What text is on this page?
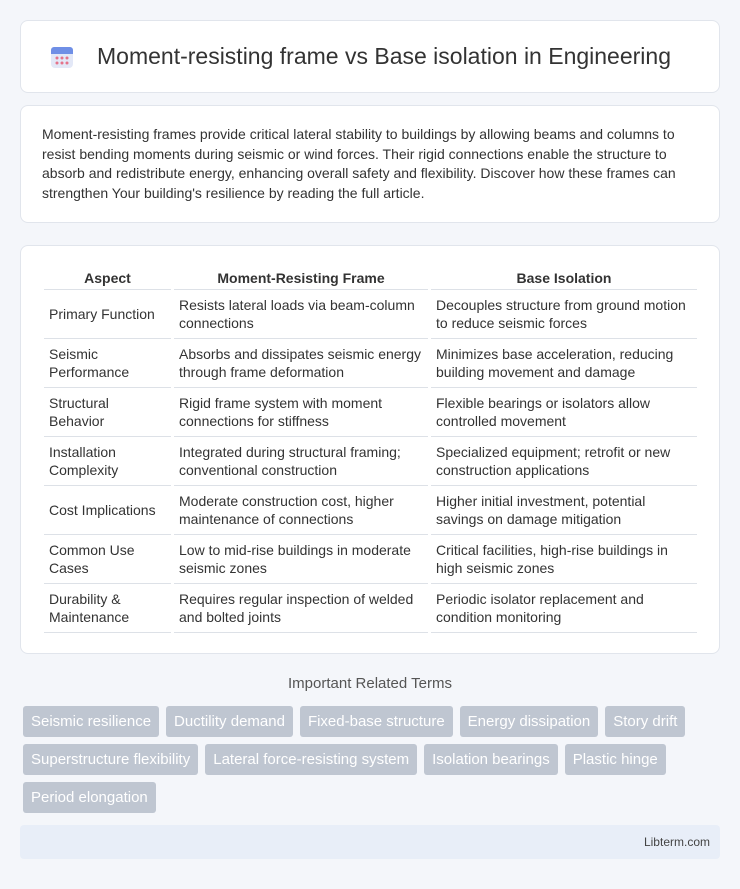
Moment-resisting frame vs Base isolation in Engineering

Moment-resisting frames provide critical lateral stability to buildings by allowing beams and columns to resist bending moments during seismic or wind forces. Their rigid connections enable the structure to absorb and redistribute energy, enhancing overall safety and flexibility. Discover how these frames can strengthen Your building's resilience by reading the full article.

Aspect	Moment-Resisting Frame	Base Isolation
Primary Function	Resists lateral loads via beam-column connections	Decouples structure from ground motion to reduce seismic forces
Seismic Performance	Absorbs and dissipates seismic energy through frame deformation	Minimizes base acceleration, reducing building movement and damage
Structural Behavior	Rigid frame system with moment connections for stiffness	Flexible bearings or isolators allow controlled movement
Installation Complexity	Integrated during structural framing; conventional construction	Specialized equipment; retrofit or new construction applications
Cost Implications	Moderate construction cost, higher maintenance of connections	Higher initial investment, potential savings on damage mitigation
Common Use Cases	Low to mid-rise buildings in moderate seismic zones	Critical facilities, high-rise buildings in high seismic zones
Durability & Maintenance	Requires regular inspection of welded and bolted joints	Periodic isolator replacement and condition monitoring
Important Related Terms
Seismic resilience	Ductility demand	Fixed-base structure	Energy dissipation	Story drift
Superstructure flexibility	Lateral force-resisting system	Isolation bearings	Plastic hinge
Period elongation
Libterm.com
